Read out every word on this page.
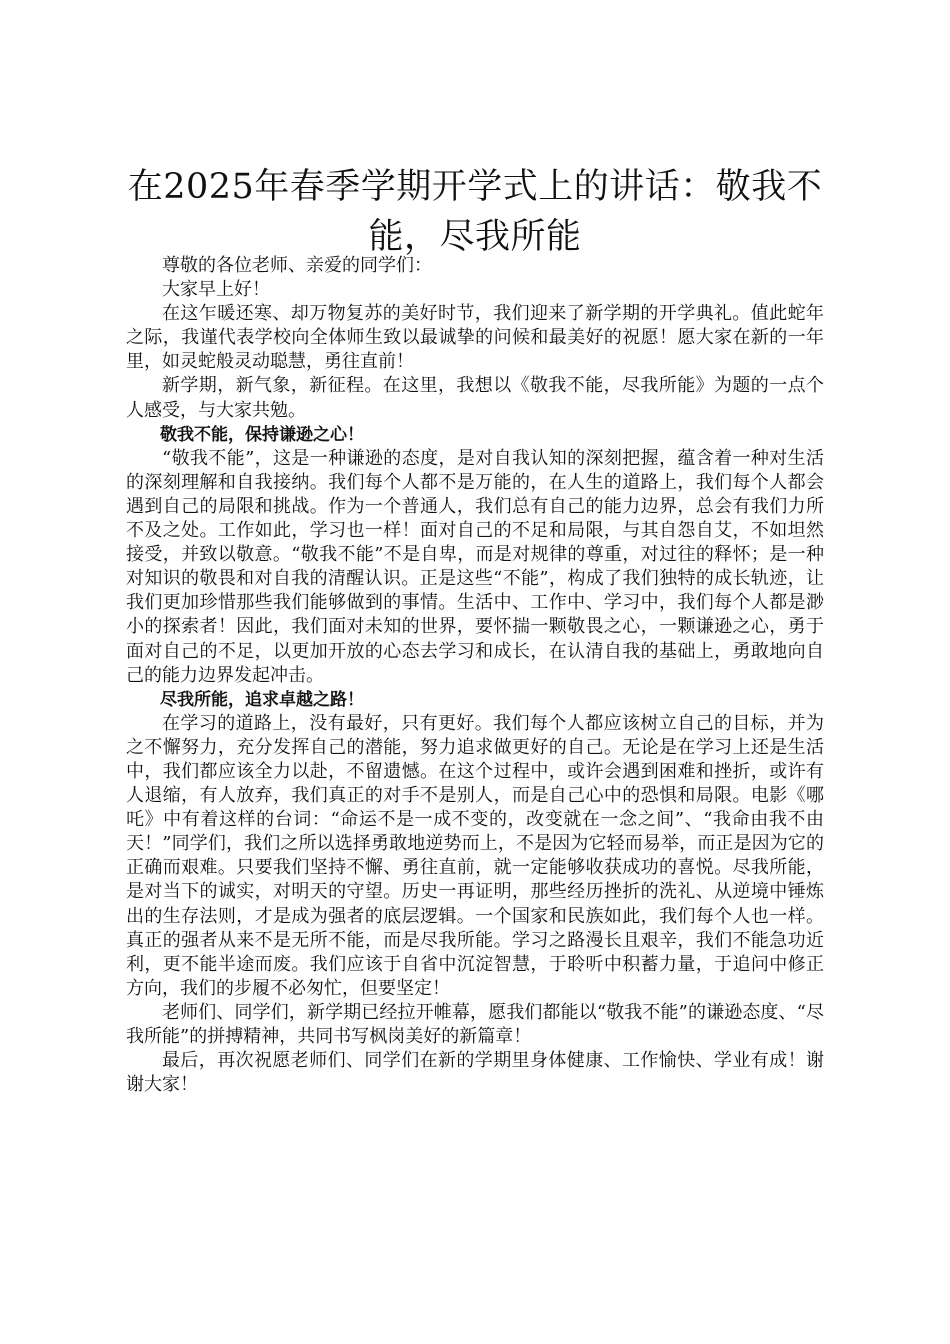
在2025年春季学期开学式上的讲话：敬我不能，尽我所能

尊敬的各位老师、亲爱的同学们：

大家早上好！

在这乍暖还寒、却万物复苏的美好时节，我们迎来了新学期的开学典礼。值此蛇年之际，我谨代表学校向全体师生致以最诚挚的问候和最美好的祝愿！愿大家在新的一年里，如灵蛇般灵动聪慧，勇往直前！

新学期，新气象，新征程。在这里，我想以《敬我不能，尽我所能》为题的一点个人感受，与大家共勉。

敬我不能，保持谦逊之心！

“敬我不能”，这是一种谦逊的态度，是对自我认知的深刻把握，蕴含着一种对生活的深刻理解和自我接纳。我们每个人都不是万能的，在人生的道路上，我们每个人都会遇到自己的局限和挑战。作为一个普通人，我们总有自己的能力边界，总会有我们力所不及之处。工作如此，学习也一样！面对自己的不足和局限，与其自怨自艾，不如坦然接受，并致以敬意。“敬我不能”不是自卑，而是对规律的尊重，对过往的释怀；是一种对知识的敬畏和对自我的清醒认识。正是这些“不能”，构成了我们独特的成长轨迹，让我们更加珍惜那些我们能够做到的事情。生活中、工作中、学习中，我们每个人都是渺小的探索者！因此，我们面对未知的世界，要怀揣一颗敬畏之心，一颗谦逊之心，勇于面对自己的不足，以更加开放的心态去学习和成长，在认清自我的基础上，勇敢地向自己的能力边界发起冲击。

尽我所能，追求卓越之路！

在学习的道路上，没有最好，只有更好。我们每个人都应该树立自己的目标，并为之不懈努力，充分发挥自己的潜能，努力追求做更好的自己。无论是在学习上还是生活中，我们都应该全力以赴，不留遗憾。在这个过程中，或许会遇到困难和挫折，或许有人退缩，有人放弃，我们真正的对手不是别人，而是自己心中的恐惧和局限。电影《哪吒》中有着这样的台词：“命运不是一成不变的，改变就在一念之间”、“我命由我不由天！”同学们，我们之所以选择勇敢地逆势而上，不是因为它轻而易举，而正是因为它的正确而艰难。只要我们坚持不懈、勇往直前，就一定能够收获成功的喜悦。尽我所能，是对当下的诚实，对明天的守望。历史一再证明，那些经历挫折的洗礼、从逆境中锤炼出的生存法则，才是成为强者的底层逻辑。一个国家和民族如此，我们每个人也一样。真正的强者从来不是无所不能，而是尽我所能。学习之路漫长且艰辛，我们不能急功近利，更不能半途而废。我们应该于自省中沉淀智慧，于聆听中积蓄力量，于追问中修正方向，我们的步履不必匆忙，但要坚定！

老师们、同学们，新学期已经拉开帷幕，愿我们都能以“敬我不能”的谦逊态度、“尽我所能”的拼搏精神，共同书写枫岗美好的新篇章！

最后，再次祝愿老师们、同学们在新的学期里身体健康、工作愉快、学业有成！谢谢大家！
